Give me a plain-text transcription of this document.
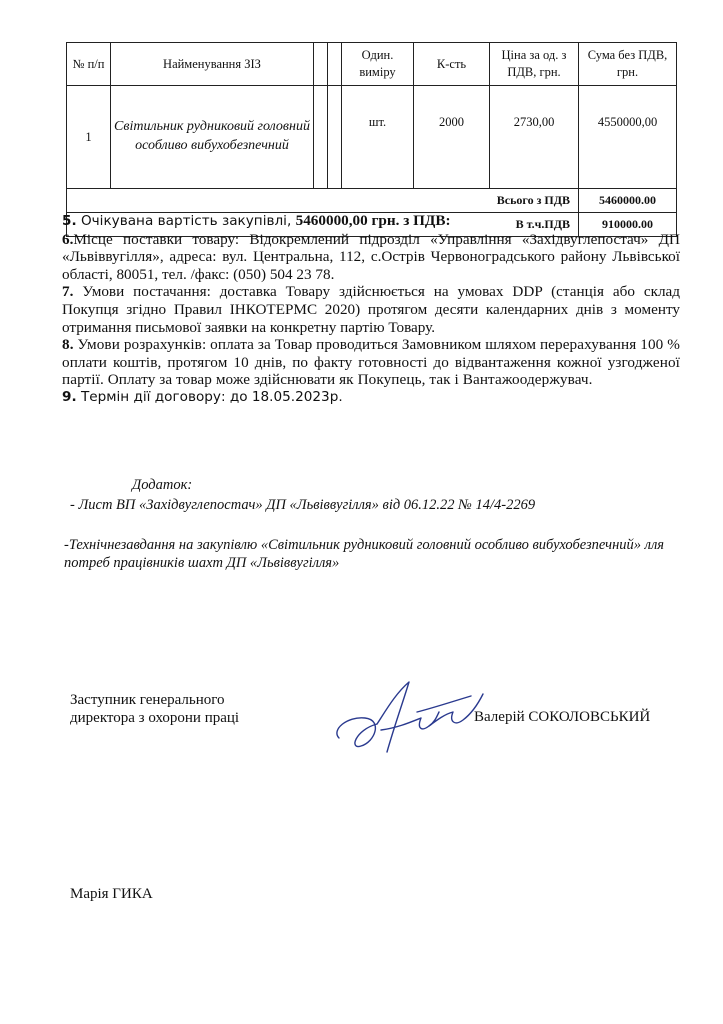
№ п/п	Найменування ЗІЗ			Один. виміру	К-сть	Ціна за од. з ПДВ, грн.	Сума без ПДВ, грн.
1	Світильник рудниковий головний особливо вибухобезпечний			шт.	2000	2730,00	4550000,00
Всього з ПДВ							5460000.00
В т.ч.ПДВ							910000.00

5. Очікувана вартість закупівлі, 5460000,00 грн. з ПДВ:

6.Місце поставки товару: Відокремлений підрозділ «Управління «Західвуглепостач» ДП «Львіввугілля», адреса: вул. Центральна, 112, с.Острів Червоноградського району Львівської області, 80051, тел. /факс: (050) 504 23 78.

7. Умови постачання: доставка Товару здійснюється на умовах DDP (станція або склад Покупця згідно Правил ІНКОТЕРМС 2020) протягом десяти календарних днів з моменту отримання письмової заявки на конкретну партію Товару.

8. Умови розрахунків: оплата за Товар проводиться Замовником шляхом перерахування 100 % оплати коштів, протягом 10 днів, по факту готовності до відвантаження кожної узгодженої партії. Оплату за товар може здійснювати як Покупець, так і Вантажоодержувач.

9. Термін дії договору: до 18.05.2023р.

Додаток:
- Лист ВП «Західвуглепостач» ДП «Львіввугілля» від 06.12.22 № 14/4-2269
-Технічнезавдання на закупівлю «Світильник рудниковий головний особливо вибухобезпечний» лля потреб працівників шахт ДП «Львіввугілля»
Заступник генерального
директора з охорони праці	Валерій СОКОЛОВСЬКИЙ
Марія ГИКА
